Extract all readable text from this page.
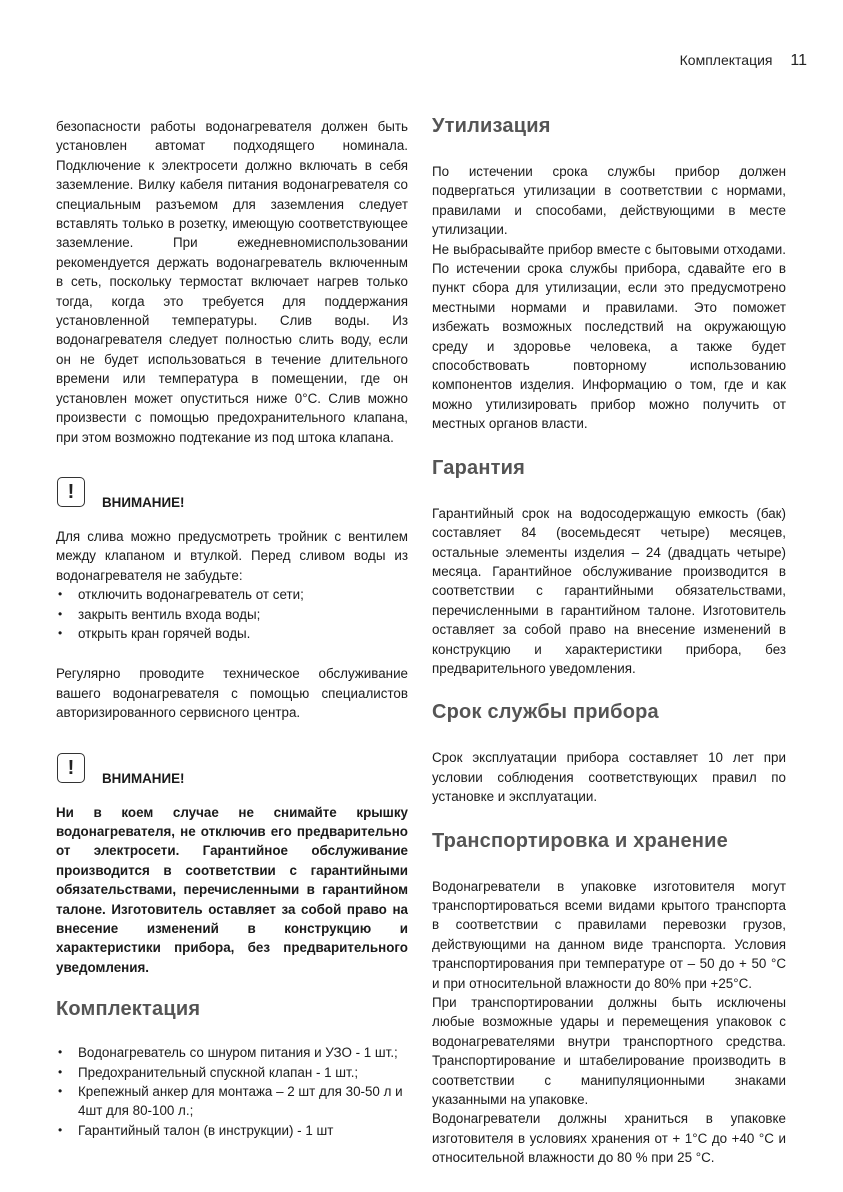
Комплектация 11

безопасности работы водонагревателя должен быть установлен автомат подходящего номинала. Подключение к электросети должно включать в себя заземление. Вилку кабеля питания водонагревателя со специальным разъемом для заземления следует вставлять только в розетку, имеющую соответствующее заземление. При ежедневномиспользовании рекомендуется держать водонагреватель включенным в сеть, поскольку термостат включает нагрев только тогда, когда это требуется для поддержания установленной температуры. Слив воды. Из водонагревателя следует полностью слить воду, если он не будет использоваться в течение длительного времени или температура в помещении, где он установлен может опуститься ниже 0°С. Слив можно произвести с помощью предохранительного клапана, при этом возможно подтекание из под штока клапана.

! ВНИМАНИЕ!

Для слива можно предусмотреть тройник с вентилем между клапаном и втулкой. Перед сливом воды из водонагревателя не забудьте:

• отключить водонагреватель от сети;
• закрыть вентиль входа воды;
• открыть кран горячей воды.

Регулярно проводите техническое обслуживание вашего водонагревателя с помощью специалистов авторизированного сервисного центра.

! ВНИМАНИЕ!

Ни в коем случае не снимайте крышку водонагревателя, не отключив его предварительно от электросети. Гарантийное обслуживание производится в соответствии с гарантийными обязательствами, перечисленными в гарантийном талоне. Изготовитель оставляет за собой право на внесение изменений в конструкцию и характеристики прибора, без предварительного уведомления.

Комплектация
• Водонагреватель со шнуром питания и УЗО - 1 шт.;
• Предохранительный спускной клапан - 1 шт.;
• Крепежный анкер для монтажа – 2 шт для 30-50 л и 4шт для 80-100 л.;
• Гарантийный талон (в инструкции) - 1 шт
Утилизация

По истечении срока службы прибор должен подвергаться утилизации в соответствии с нормами, правилами и способами, действующими в месте утилизации.

Не выбрасывайте прибор вместе с бытовыми отходами. По истечении срока службы прибора, сдавайте его в пункт сбора для утилизации, если это предусмотрено местными нормами и правилами. Это поможет избежать возможных последствий на окружающую среду и здоровье человека, а также будет способствовать повторному использованию компонентов изделия. Информацию о том, где и как можно утилизировать прибор можно получить от местных органов власти.

Гарантия

Гарантийный срок на водосодержащую емкость (бак) составляет 84 (восемьдесят четыре) месяцев, остальные элементы изделия – 24 (двадцать четыре) месяца. Гарантийное обслуживание производится в соответствии с гарантийными обязательствами, перечисленными в гарантийном талоне. Изготовитель оставляет за собой право на внесение изменений в конструкцию и характеристики прибора, без предварительного уведомления.

Срок службы прибора

Срок эксплуатации прибора составляет 10 лет при условии соблюдения соответствующих правил по установке и эксплуатации.

Транспортировка и хранение

Водонагреватели в упаковке изготовителя могут транспортироваться всеми видами крытого транспорта в соответствии с правилами перевозки грузов, действующими на данном виде транспорта. Условия транспортирования при температуре от – 50 до + 50 °С и при относительной влажности до 80% при +25°С.

При транспортировании должны быть исключены любые возможные удары и перемещения упаковок с водонагревателями внутри транспортного средства. Транспортирование и штабелирование производить в соответствии с манипуляционными знаками указанными на упаковке.

Водонагреватели должны храниться в упаковке изготовителя в условиях хранения от + 1°С до +40 °С и относительной влажности до 80 % при 25 °С.
